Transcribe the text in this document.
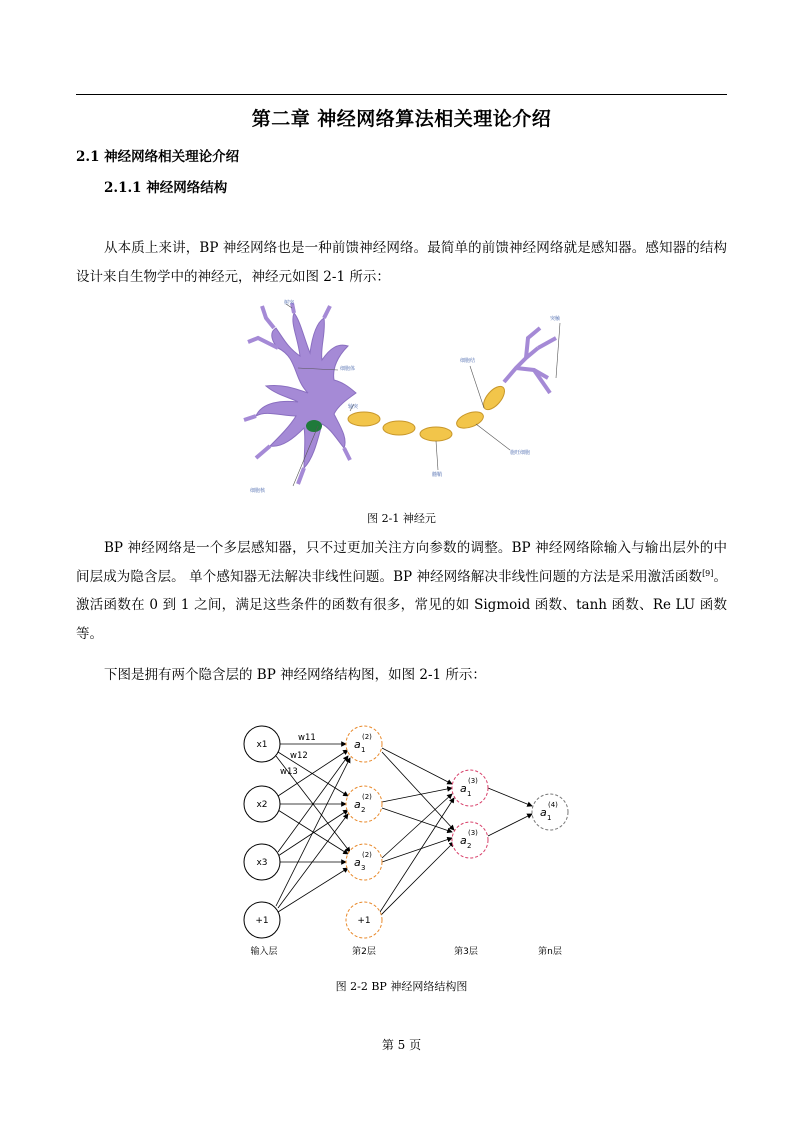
第二章 神经网络算法相关理论介绍
2.1 神经网络相关理论介绍
2.1.1 神经网络结构

从本质上来讲，BP 神经网络也是一种前馈神经网络。最简单的前馈神经网络就是感知器。感知器的结构设计来自生物学中的神经元，神经元如图 2-1 所示：

树突
细胞体
轴突
细胞核
髓鞘
细胞结
施旺细胞
突触
图 2-1 神经元

BP 神经网络是一个多层感知器，只不过更加关注方向参数的调整。BP 神经网络除输入与输出层外的中间层成为隐含层。 单个感知器无法解决非线性问题。BP 神经网络解决非线性问题的方法是采用激活函数[9]。激活函数在 0 到 1 之间，满足这些条件的函数有很多，常见的如 Sigmoid 函数、tanh 函数、Re LU 函数等。

下图是拥有两个隐含层的 BP 神经网络结构图，如图 2-1 所示：

x1
x2
x3
+1	+1
a
(2)
1
a
(2)
2
a
(2)
3
a
(3)
1
a
(3)
2
a
(4)
1
w11
w12
w13
输入层	第2层	第3层	第n层
图 2-2 BP 神经网络结构图
第 5 页
